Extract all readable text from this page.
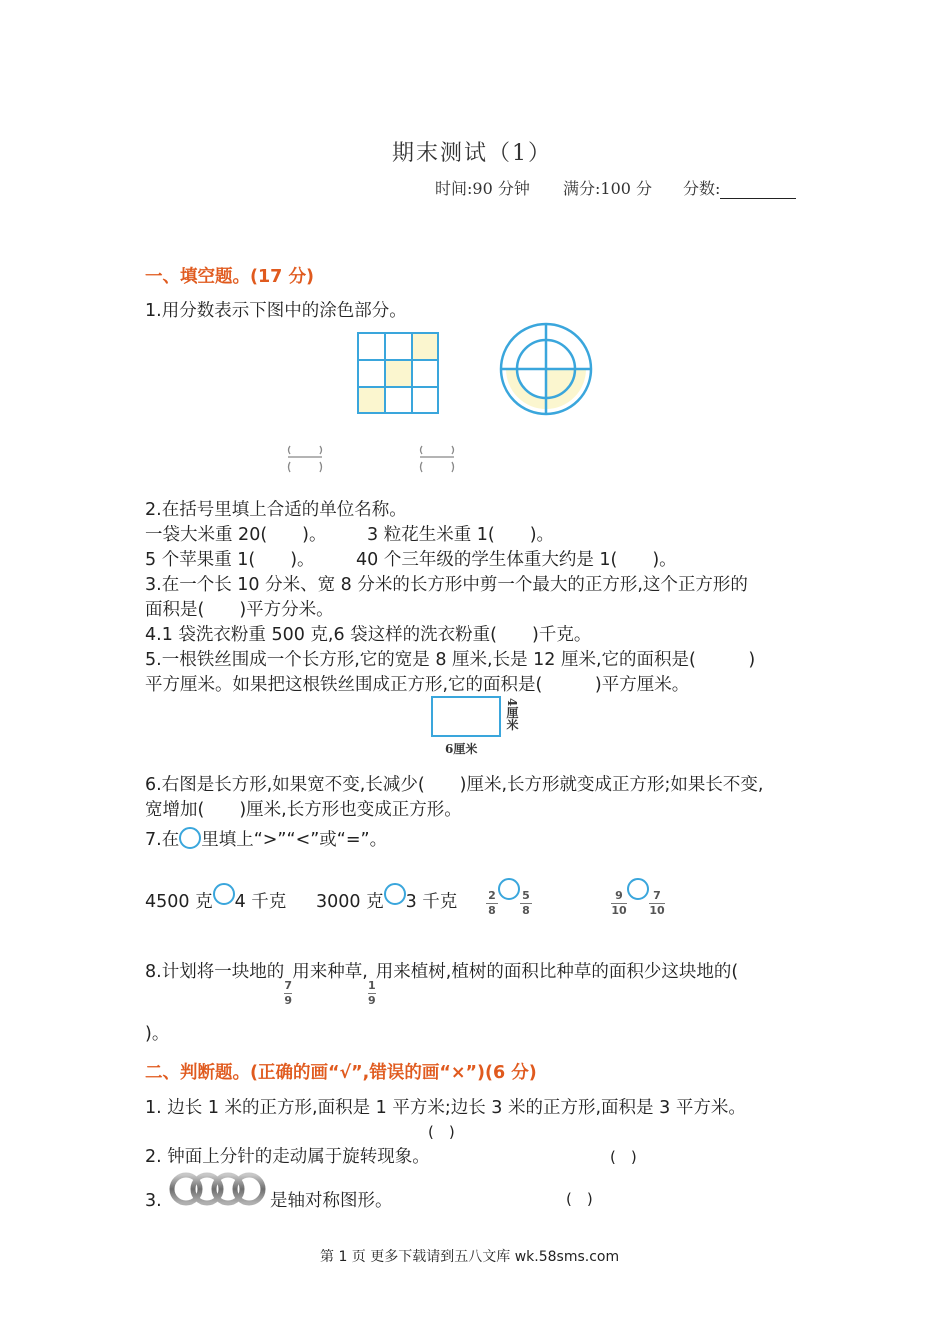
期末测试（1）
时间:90 分钟 满分:100 分 分数:
一、填空题。(17 分)
1.用分数表示下图中的涂色部分。
2.在括号里填上合适的单位名称。
一袋大米重 20(　　)。 3 粒花生米重 1(　　)。
5 个苹果重 1(　　)。 40 个三年级的学生体重大约是 1(　　)。
3.在一个长 10 分米、宽 8 分米的长方形中剪一个最大的正方形,这个正方形的
面积是(　　)平方分米。
4.1 袋洗衣粉重 500 克,6 袋这样的洗衣粉重(　　)千克。
5.一根铁丝围成一个长方形,它的宽是 8 厘米,长是 12 厘米,它的面积是(　　　)
平方厘米。如果把这根铁丝围成正方形,它的面积是(　　　)平方厘米。
6厘米
4厘米
6.右图是长方形,如果宽不变,长减少(　　)厘米,长方形就变成正方形;如果长不变,
宽增加(　　)厘米,长方形也变成正方形。
7.在 里填上“>”“<”或“=”。
4500 克 4 千克 3000 克 3 千克	$\frac{2}{8} \frac{5}{8}$	$\frac{9}{10} \frac{7}{10}$
8.计划将一块地的
$\frac{7}{9}$
用来种草,
$\frac{1}{9}$
用来植树,植树的面积比种草的面积少这块地的(
)。
二、判断题。(正确的画“√”,错误的画“×”)(6 分)
1. 边长 1 米的正方形,面积是 1 平方米;边长 3 米的正方形,面积是 3 平方米。
(　)
2. 钟面上分针的走动属于旋转现象。	(　)
3.	是轴对称图形。	(　)
第 1 页 更多下载请到五八文库 wk.58sms.com
